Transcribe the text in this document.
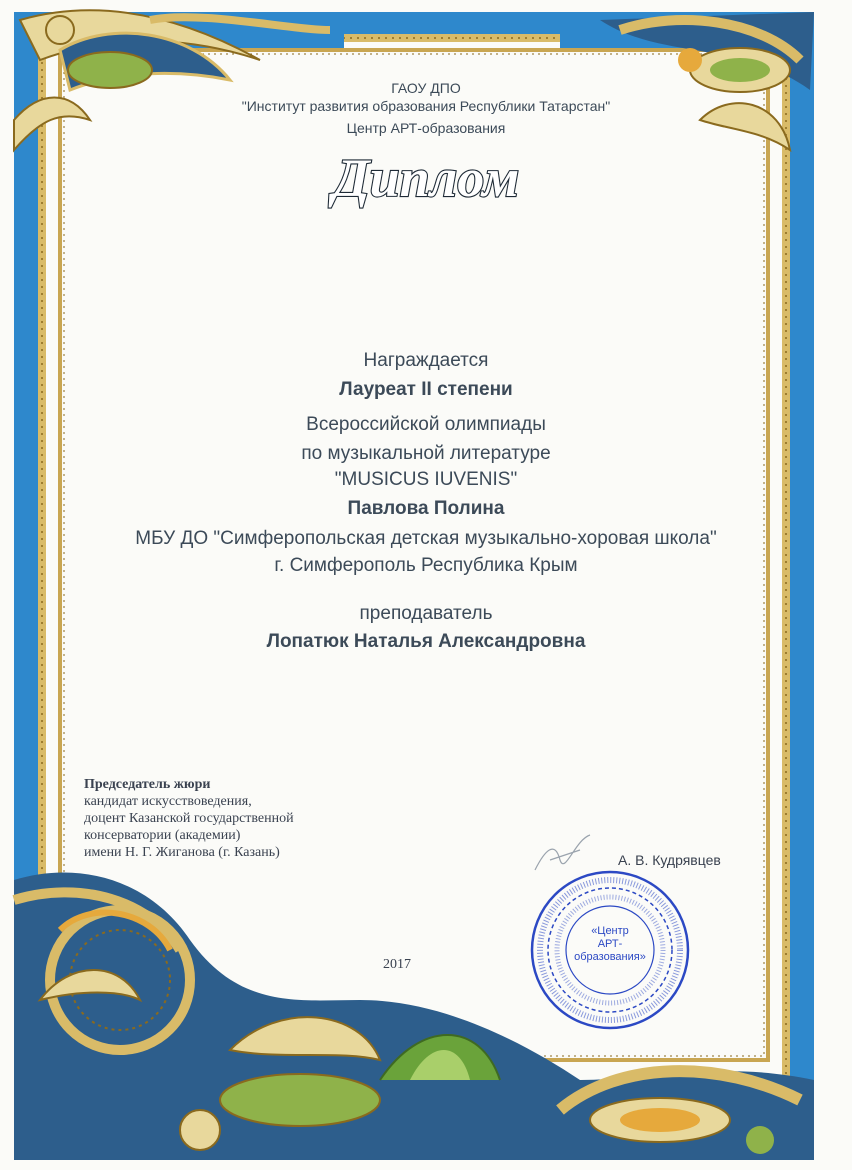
ГАОУ ДПО
"Институт развития образования Республики Татарстан"
Центр АРТ-образования
Диплом
Награждается
Лауреат II степени
Всероссийской олимпиады
по музыкальной литературе
"MUSICUS IUVENIS"
Павлова Полина
МБУ ДО "Симферопольская детская музыкально-хоровая школа"
г. Симферополь Республика Крым
преподаватель
Лопатюк Наталья Александровна
Председатель жюри
кандидат искусствоведения,
доцент Казанской государственной
консерватории (академии)
имени Н. Г. Жиганова (г. Казань)	А. В. Кудрявцев
«Центр
АРТ-образования»
2017
